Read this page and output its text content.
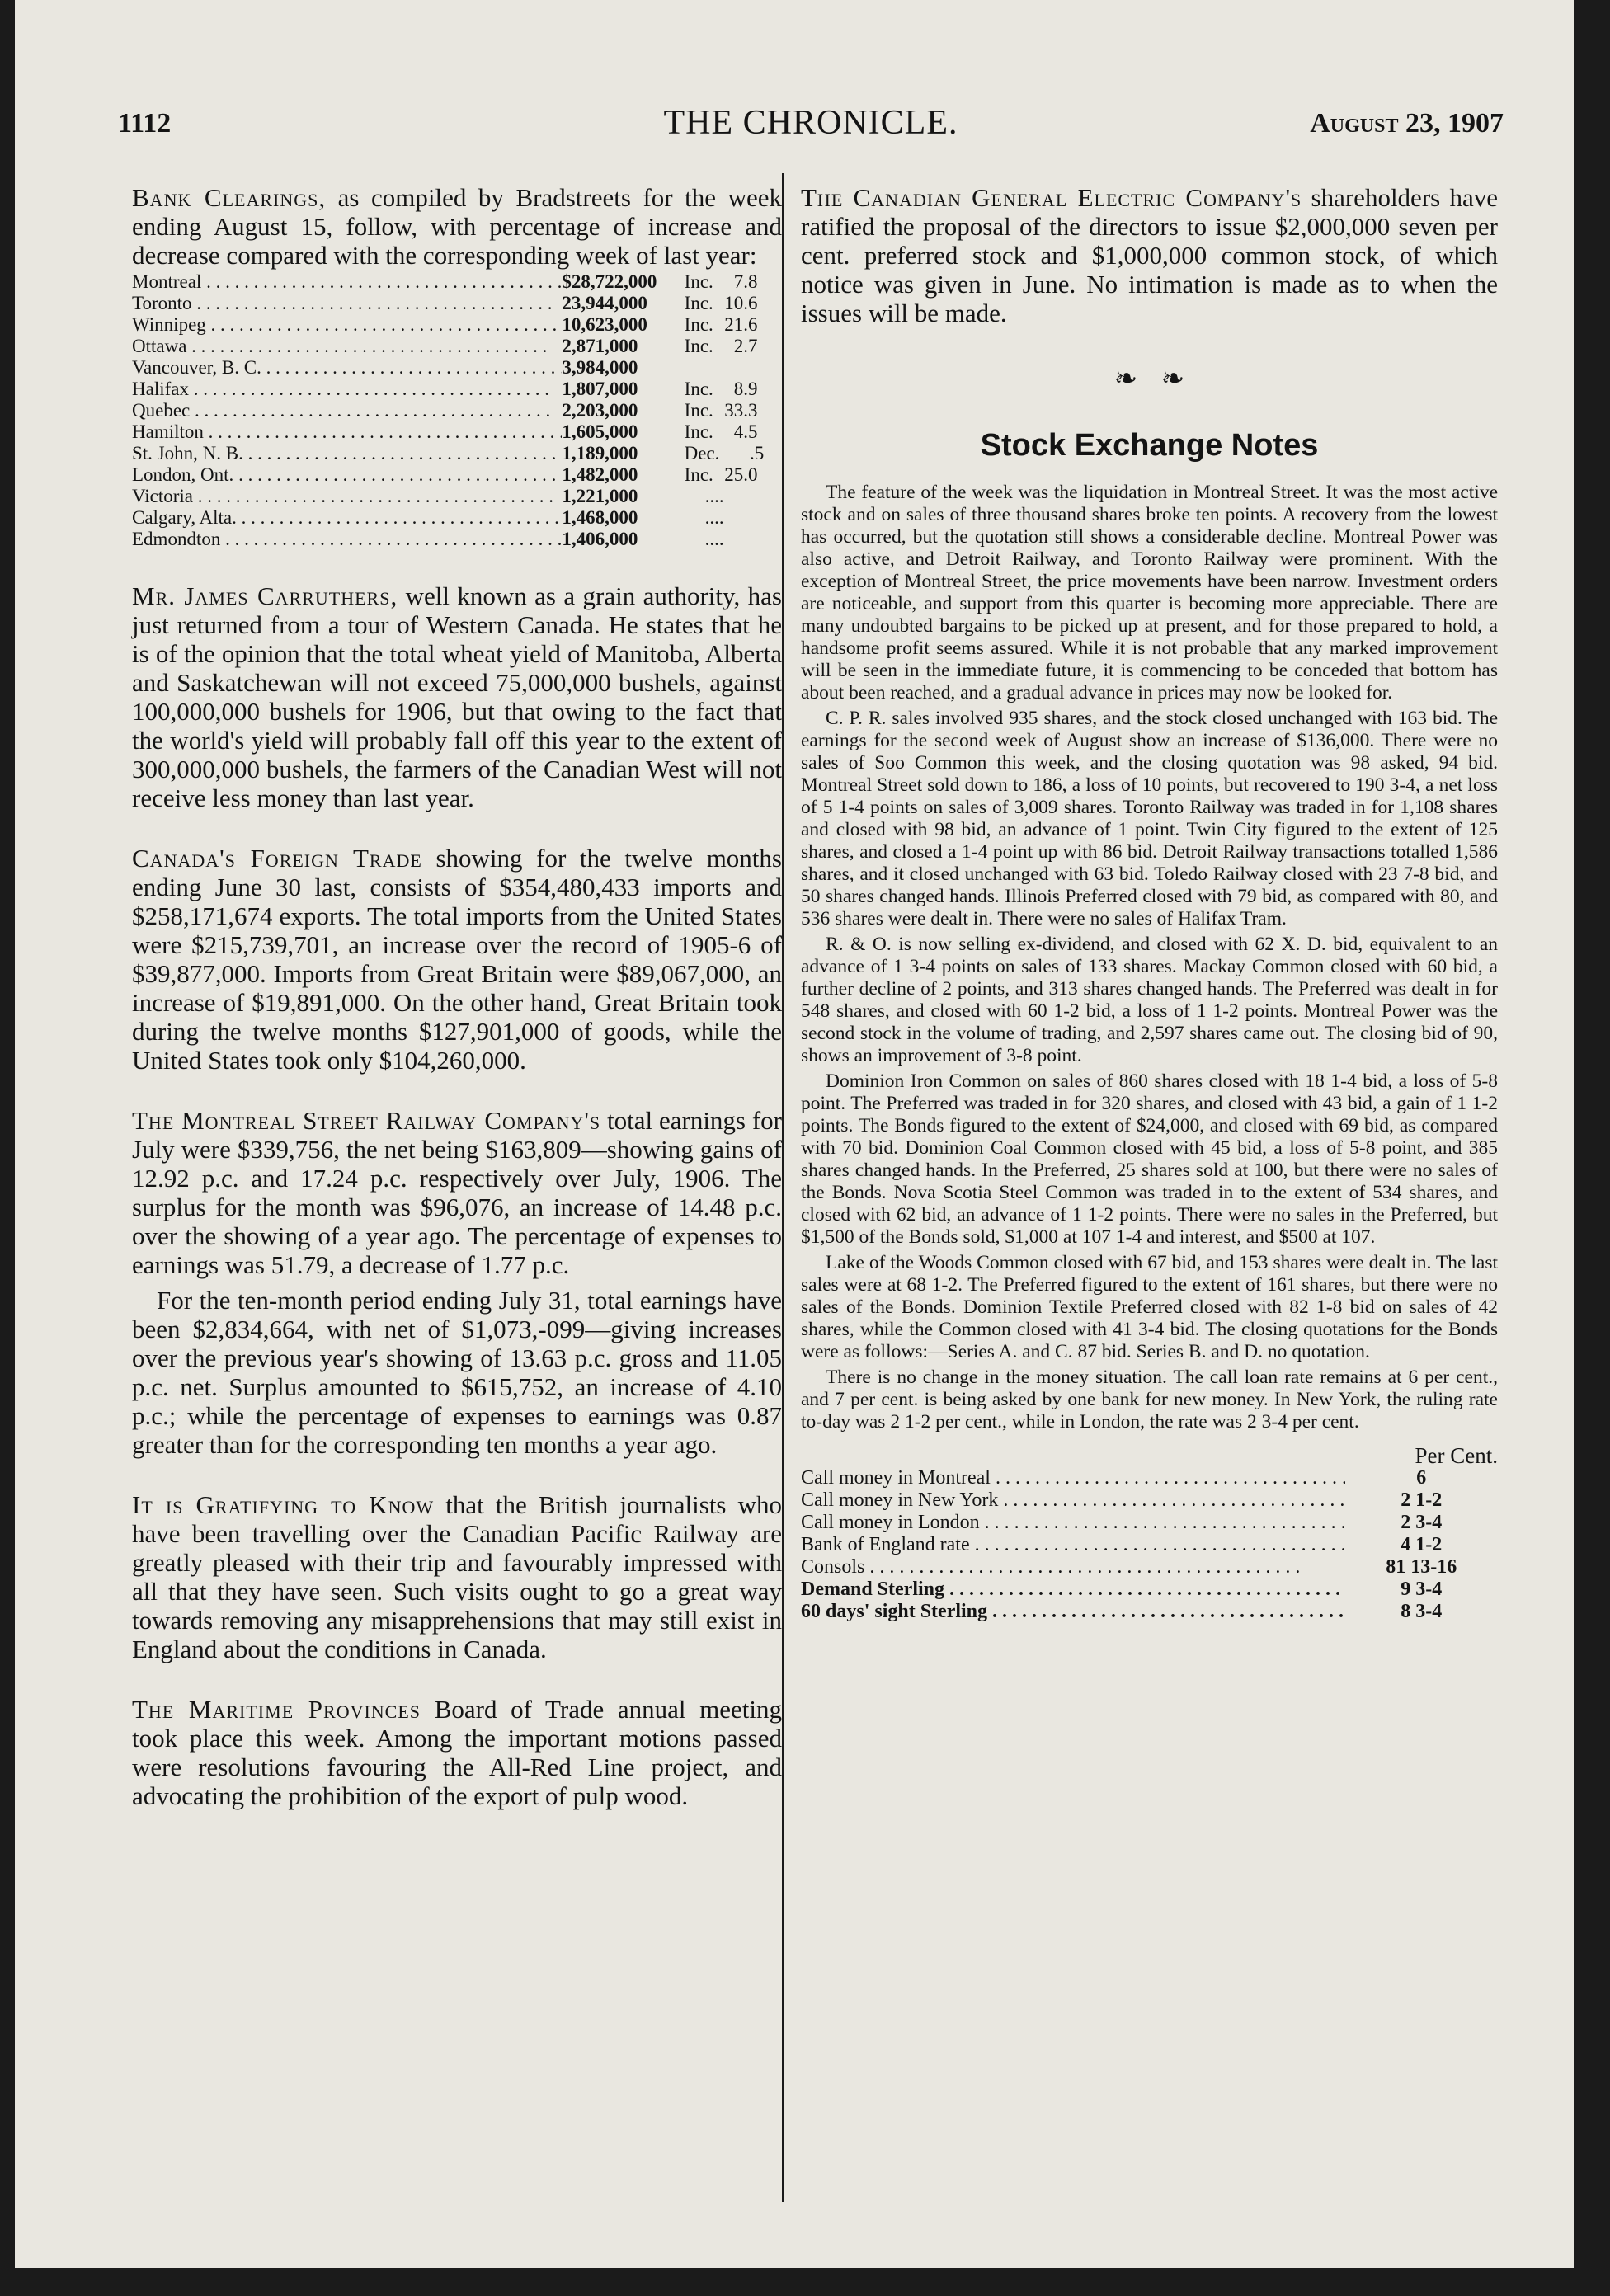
1112	THE CHRONICLE.	August 23, 1907

Bank Clearings, as compiled by Bradstreets for the week ending August 15, follow, with percentage of increase and decrease compared with the corresponding week of last year:

Montreal . . .	$28,722,000	Inc. 7.8
Toronto . . .	23,944,000	Inc. 10.6
Winnipeg . . .	10,623,000	Inc. 21.6
Ottawa . . .	2,871,000	Inc. 2.7
Vancouver, B. C. . . .	3,984,000	
Halifax . . .	1,807,000	Inc. 8.9
Quebec . . .	2,203,000	Inc. 33.3
Hamilton . . .	1,605,000	Inc. 4.5
St. John, N. B. . . .	1,189,000	Dec. .5
London, Ont. . . .	1,482,000	Inc. 25.0
Victoria . . .	1,221,000	....
Calgary, Alta. . . .	1,468,000	....
Edmondton . . .	1,406,000	....

Mr. James Carruthers, well known as a grain authority, has just returned from a tour of Western Canada. He states that he is of the opinion that the total wheat yield of Manitoba, Alberta and Saskatchewan will not exceed 75,000,000 bushels, against 100,000,000 bushels for 1906, but that owing to the fact that the world's yield will probably fall off this year to the extent of 300,000,000 bushels, the farmers of the Canadian West will not receive less money than last year.

Canada's Foreign Trade showing for the twelve months ending June 30 last, consists of $354,480,433 imports and $258,171,674 exports. The total imports from the United States were $215,739,701, an increase over the record of 1905-6 of $39,877,000. Imports from Great Britain were $89,067,000, an increase of $19,891,000. On the other hand, Great Britain took during the twelve months $127,901,000 of goods, while the United States took only $104,260,000.

The Montreal Street Railway Company's total earnings for July were $339,756, the net being $163,809—showing gains of 12.92 p.c. and 17.24 p.c. respectively over July, 1906. The surplus for the month was $96,076, an increase of 14.48 p.c. over the showing of a year ago. The percentage of expenses to earnings was 51.79, a decrease of 1.77 p.c.

For the ten-month period ending July 31, total earnings have been $2,834,664, with net of $1,073,-099—giving increases over the previous year's showing of 13.63 p.c. gross and 11.05 p.c. net. Surplus amounted to $615,752, an increase of 4.10 p.c.; while the percentage of expenses to earnings was 0.87 greater than for the corresponding ten months a year ago.

It is Gratifying to Know that the British journalists who have been travelling over the Canadian Pacific Railway are greatly pleased with their trip and favourably impressed with all that they have seen. Such visits ought to go a great way towards removing any misapprehensions that may still exist in England about the conditions in Canada.

The Maritime Provinces Board of Trade annual meeting took place this week. Among the important motions passed were resolutions favouring the All-Red Line project, and advocating the prohibition of the export of pulp wood.

The Canadian General Electric Company's shareholders have ratified the proposal of the directors to issue $2,000,000 seven per cent. preferred stock and $1,000,000 common stock, of which notice was given in June. No intimation is made as to when the issues will be made.

❧ ❧
Stock Exchange Notes

The feature of the week was the liquidation in Montreal Street. It was the most active stock and on sales of three thousand shares broke ten points. A recovery from the lowest has occurred, but the quotation still shows a considerable decline. Montreal Power was also active, and Detroit Railway, and Toronto Railway were prominent. With the exception of Montreal Street, the price movements have been narrow. Investment orders are noticeable, and support from this quarter is becoming more appreciable. There are many undoubted bargains to be picked up at present, and for those prepared to hold, a handsome profit seems assured. While it is not probable that any marked improvement will be seen in the immediate future, it is commencing to be conceded that bottom has about been reached, and a gradual advance in prices may now be looked for.

C. P. R. sales involved 935 shares, and the stock closed unchanged with 163 bid. The earnings for the second week of August show an increase of $136,000. There were no sales of Soo Common this week, and the closing quotation was 98 asked, 94 bid. Montreal Street sold down to 186, a loss of 10 points, but recovered to 190 3-4, a net loss of 5 1-4 points on sales of 3,009 shares. Toronto Railway was traded in for 1,108 shares and closed with 98 bid, an advance of 1 point. Twin City figured to the extent of 125 shares, and closed a 1-4 point up with 86 bid. Detroit Railway transactions totalled 1,586 shares, and it closed unchanged with 63 bid. Toledo Railway closed with 23 7-8 bid, and 50 shares changed hands. Illinois Preferred closed with 79 bid, as compared with 80, and 536 shares were dealt in. There were no sales of Halifax Tram.

R. & O. is now selling ex-dividend, and closed with 62 X. D. bid, equivalent to an advance of 1 3-4 points on sales of 133 shares. Mackay Common closed with 60 bid, a further decline of 2 points, and 313 shares changed hands. The Preferred was dealt in for 548 shares, and closed with 60 1-2 bid, a loss of 1 1-2 points. Montreal Power was the second stock in the volume of trading, and 2,597 shares came out. The closing bid of 90, shows an improvement of 3-8 point.

Dominion Iron Common on sales of 860 shares closed with 18 1-4 bid, a loss of 5-8 point. The Preferred was traded in for 320 shares, and closed with 43 bid, a gain of 1 1-2 points. The Bonds figured to the extent of $24,000, and closed with 69 bid, as compared with 70 bid. Dominion Coal Common closed with 45 bid, a loss of 5-8 point, and 385 shares changed hands. In the Preferred, 25 shares sold at 100, but there were no sales of the Bonds. Nova Scotia Steel Common was traded in to the extent of 534 shares, and closed with 62 bid, an advance of 1 1-2 points. There were no sales in the Preferred, but $1,500 of the Bonds sold, $1,000 at 107 1-4 and interest, and $500 at 107.

Lake of the Woods Common closed with 67 bid, and 153 shares were dealt in. The last sales were at 68 1-2. The Preferred figured to the extent of 161 shares, but there were no sales of the Bonds. Dominion Textile Preferred closed with 82 1-8 bid on sales of 42 shares, while the Common closed with 41 3-4 bid. The closing quotations for the Bonds were as follows:—Series A. and C. 87 bid. Series B. and D. no quotation.

There is no change in the money situation. The call loan rate remains at 6 per cent., and 7 per cent. is being asked by one bank for new money. In New York, the ruling rate to-day was 2 1-2 per cent., while in London, the rate was 2 3-4 per cent.

Per Cent.	
Call money in Montreal . . .	6
Call money in New York . . .	2 1-2
Call money in London . . .	2 3-4
Bank of England rate . . .	4 1-2
Consols . . .	81 13-16
Demand Sterling . . .	9 3-4
60 days' sight Sterling . . .	8 3-4
